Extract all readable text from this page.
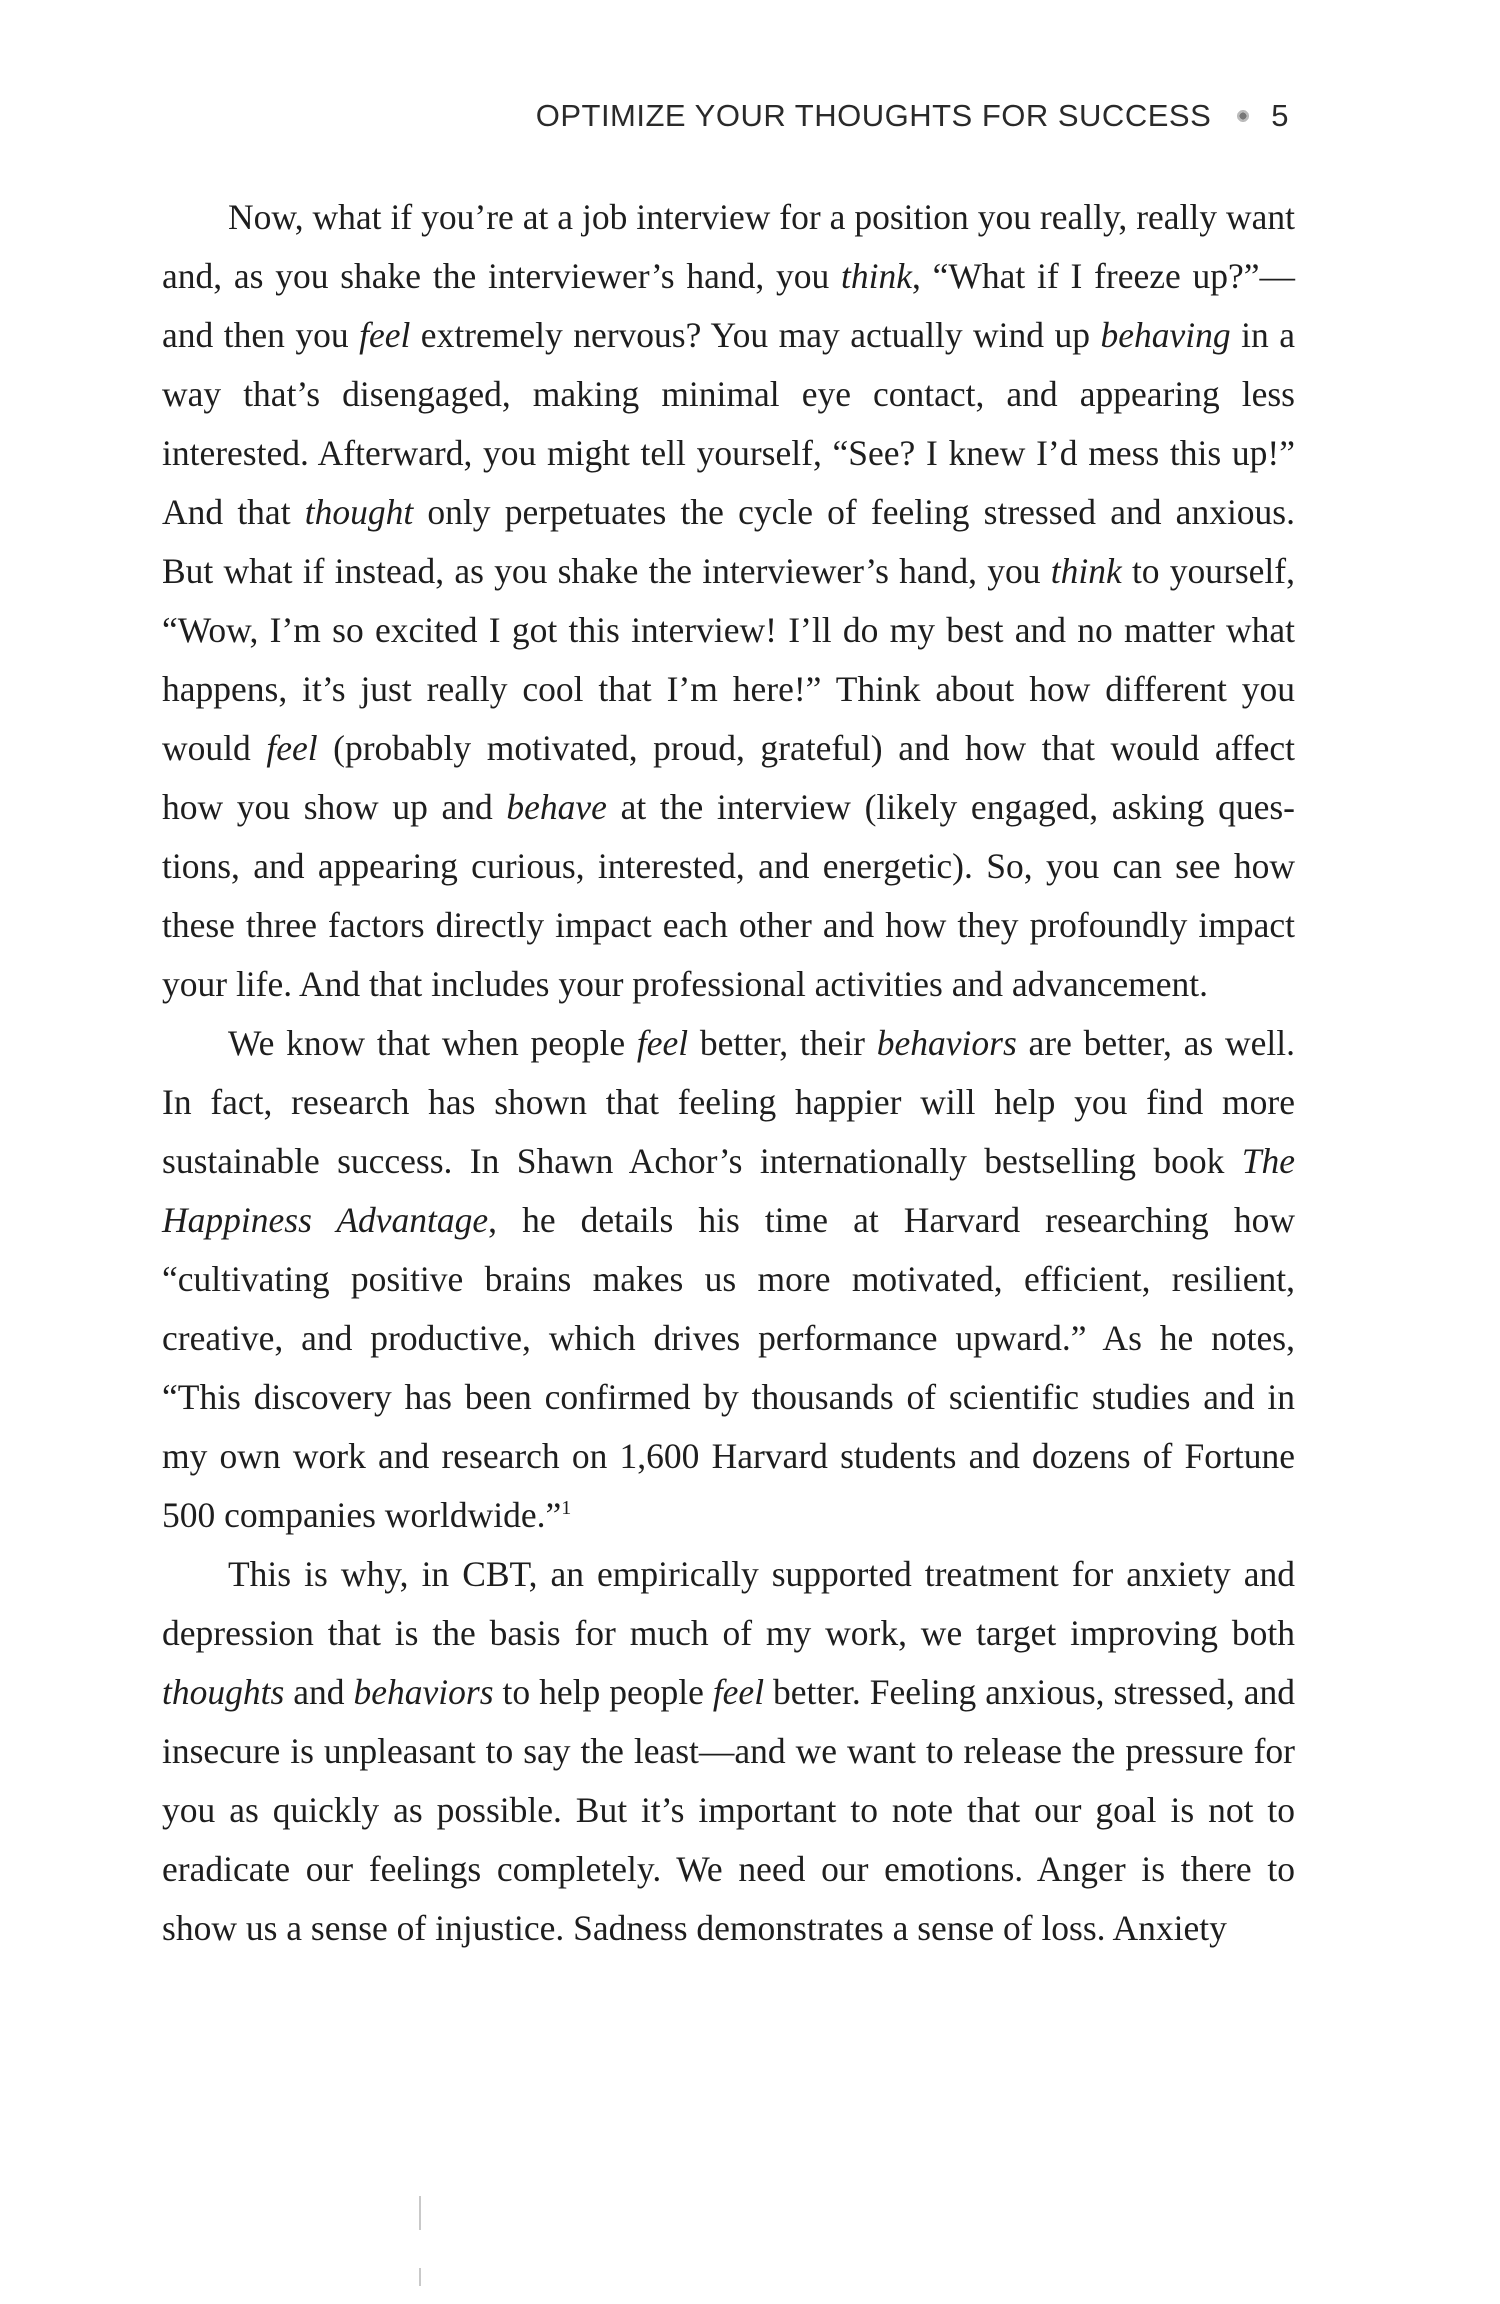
OPTIMIZE YOUR THOUGHTS FOR SUCCESS 5

Now, what if you’re at a job interview for a position you really, really want and, as you shake the interviewer’s hand, you think, “What if I freeze up?”—and then you feel extremely nervous? You may actually wind up behaving in a way that’s disengaged, making minimal eye contact, and appearing less interested. Afterward, you might tell yourself, “See? I knew I’d mess this up!” And that thought only perpetuates the cycle of feeling stressed and anxious. But what if instead, as you shake the interviewer’s hand, you think to yourself, “Wow, I’m so excited I got this interview! I’ll do my best and no matter what happens, it’s just really cool that I’m here!” Think about how different you would feel (probably motivated, proud, grateful) and how that would affect how you show up and behave at the interview (likely engaged, asking questions, and appearing curious, interested, and energetic). So, you can see how these three factors directly impact each other and how they profoundly impact your life. And that includes your professional activities and advancement.

We know that when people feel better, their behaviors are better, as well. In fact, research has shown that feeling happier will help you find more sustainable success. In Shawn Achor’s internationally bestselling book The Happiness Advantage, he details his time at Harvard researching how “cultivating positive brains makes us more motivated, efficient, resilient, creative, and productive, which drives performance upward.” As he notes, “This discovery has been confirmed by thousands of scientific studies and in my own work and research on 1,600 Harvard students and dozens of Fortune 500 companies worldwide.”$^1$

This is why, in CBT, an empirically supported treatment for anxiety and depression that is the basis for much of my work, we target improving both thoughts and behaviors to help people feel better. Feeling anxious, stressed, and insecure is unpleasant to say the least—and we want to release the pressure for you as quickly as possible. But it’s important to note that our goal is not to eradicate our feelings completely. We need our emotions. Anger is there to show us a sense of injustice. Sadness demonstrates a sense of loss. Anxiety
